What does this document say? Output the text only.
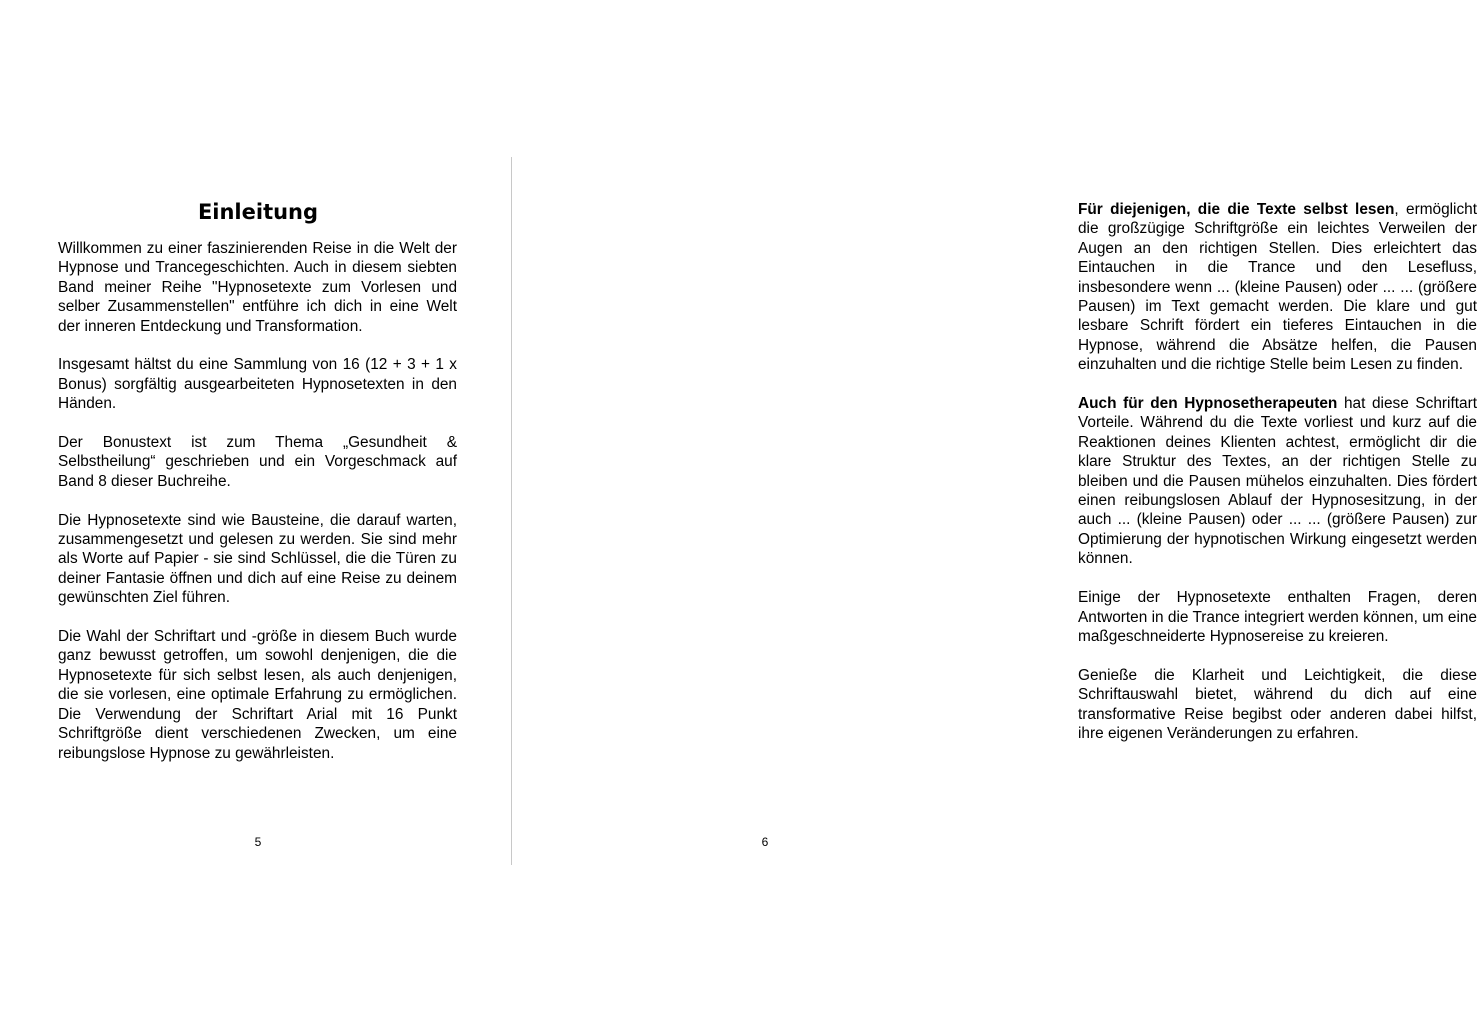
Einleitung

Willkommen zu einer faszinierenden Reise in die Welt der Hypnose und Trancegeschichten. Auch in diesem siebten Band meiner Reihe "Hypnosetexte zum Vorlesen und selber Zusammenstellen" entführe ich dich in eine Welt der inneren Entdeckung und Transformation.

Insgesamt hältst du eine Sammlung von 16 (12 + 3 + 1 x Bonus) sorgfältig ausgearbeiteten Hypnosetexten in den Händen.

Der Bonustext ist zum Thema „Gesundheit & Selbstheilung“ geschrieben und ein Vorgeschmack auf Band 8 dieser Buchreihe.

Die Hypnosetexte sind wie Bausteine, die darauf warten, zusammengesetzt und gelesen zu werden. Sie sind mehr als Worte auf Papier - sie sind Schlüssel, die die Türen zu deiner Fantasie öffnen und dich auf eine Reise zu deinem gewünschten Ziel führen.

Die Wahl der Schriftart und -größe in diesem Buch wurde ganz bewusst getroffen, um sowohl denjenigen, die die Hypnosetexte für sich selbst lesen, als auch denjenigen, die sie vorlesen, eine optimale Erfahrung zu ermöglichen. Die Verwendung der Schriftart Arial mit 16 Punkt Schriftgröße dient verschiedenen Zwecken, um eine reibungslose Hypnose zu gewährleisten.

5

Für diejenigen, die die Texte selbst lesen, ermöglicht die großzügige Schriftgröße ein leichtes Verweilen der Augen an den richtigen Stellen. Dies erleichtert das Eintauchen in die Trance und den Lesefluss, insbesondere wenn ... (kleine Pausen) oder ... ... (größere Pausen) im Text gemacht werden. Die klare und gut lesbare Schrift fördert ein tieferes Eintauchen in die Hypnose, während die Absätze helfen, die Pausen einzuhalten und die richtige Stelle beim Lesen zu finden.

Auch für den Hypnosetherapeuten hat diese Schriftart Vorteile. Während du die Texte vorliest und kurz auf die Reaktionen deines Klienten achtest, ermöglicht dir die klare Struktur des Textes, an der richtigen Stelle zu bleiben und die Pausen mühelos einzuhalten. Dies fördert einen reibungslosen Ablauf der Hypnosesitzung, in der auch ... (kleine Pausen) oder ... ... (größere Pausen) zur Optimierung der hypnotischen Wirkung eingesetzt werden können.

Einige der Hypnosetexte enthalten Fragen, deren Antworten in die Trance integriert werden können, um eine maßgeschneiderte Hypnosereise zu kreieren.

Genieße die Klarheit und Leichtigkeit, die diese Schriftauswahl bietet, während du dich auf eine transformative Reise begibst oder anderen dabei hilfst, ihre eigenen Veränderungen zu erfahren.

6
